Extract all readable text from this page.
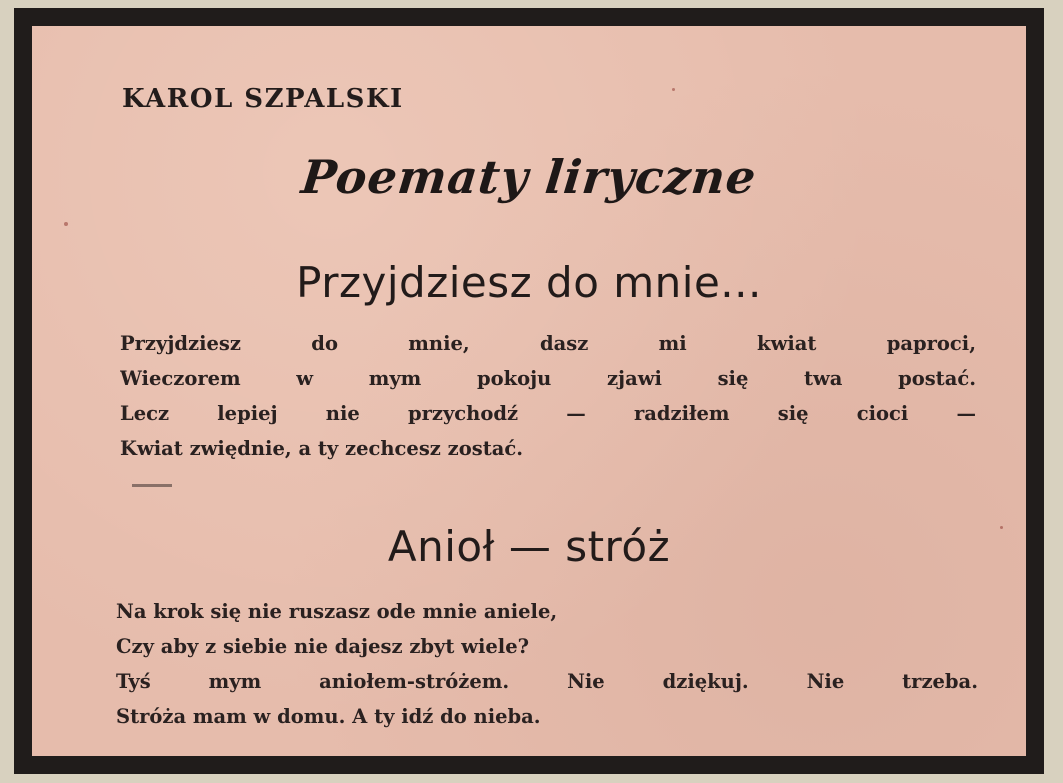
KAROL SZPALSKI
Poematy liryczne
Przyjdziesz do mnie...
Przyjdziesz do mnie, dasz mi kwiat paproci,
Wieczorem w mym pokoju zjawi się twa postać.
Lecz lepiej nie przychodź — radziłem się cioci —
Kwiat zwiędnie, a ty zechcesz zostać.
Anioł — stróż
Na krok się nie ruszasz ode mnie aniele,
Czy aby z siebie nie dajesz zbyt wiele?
Tyś mym aniołem-stróżem. Nie dziękuj. Nie trzeba.
Stróża mam w domu. A ty idź do nieba.
